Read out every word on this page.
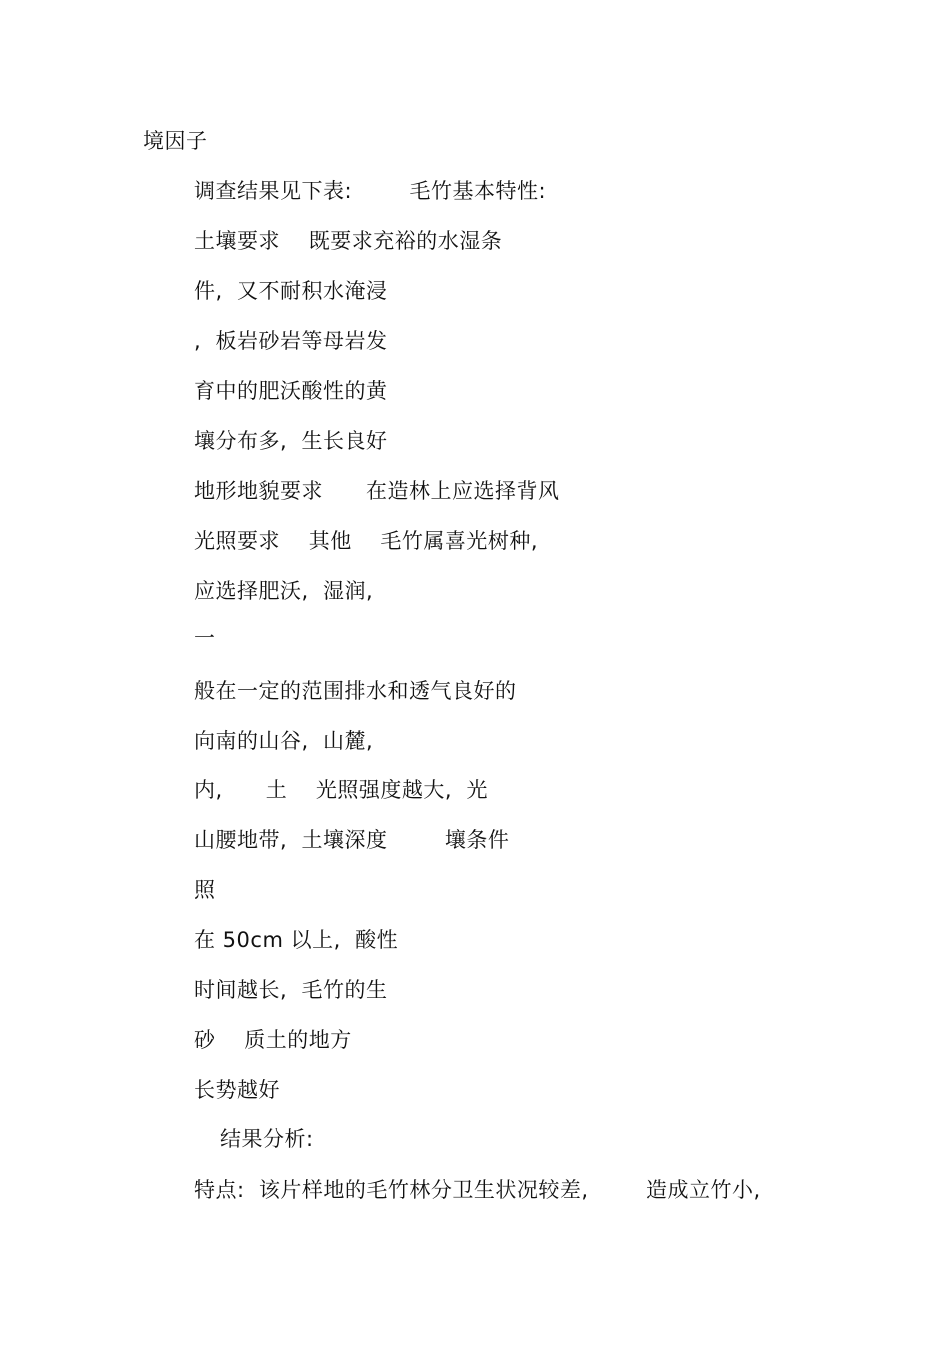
境因子
调查结果见下表:        毛竹基本特性:
土壤要求    既要求充裕的水湿条
件,  又不耐积水淹浸
,  板岩砂岩等母岩发
育中的肥沃酸性的黄
壤分布多,  生长良好
地形地貌要求      在造林上应选择背风
光照要求    其他    毛竹属喜光树种,
应选择肥沃,  湿润,
一
般在一定的范围排水和透气良好的
向南的山谷,  山麓,
内,      土    光照强度越大,  光
山腰地带,  土壤深度        壤条件
照
在 50cm 以上,  酸性
时间越长,  毛竹的生
砂    质土的地方
长势越好
结果分析:
特点:  该片样地的毛竹林分卫生状况较差,        造成立竹小,
